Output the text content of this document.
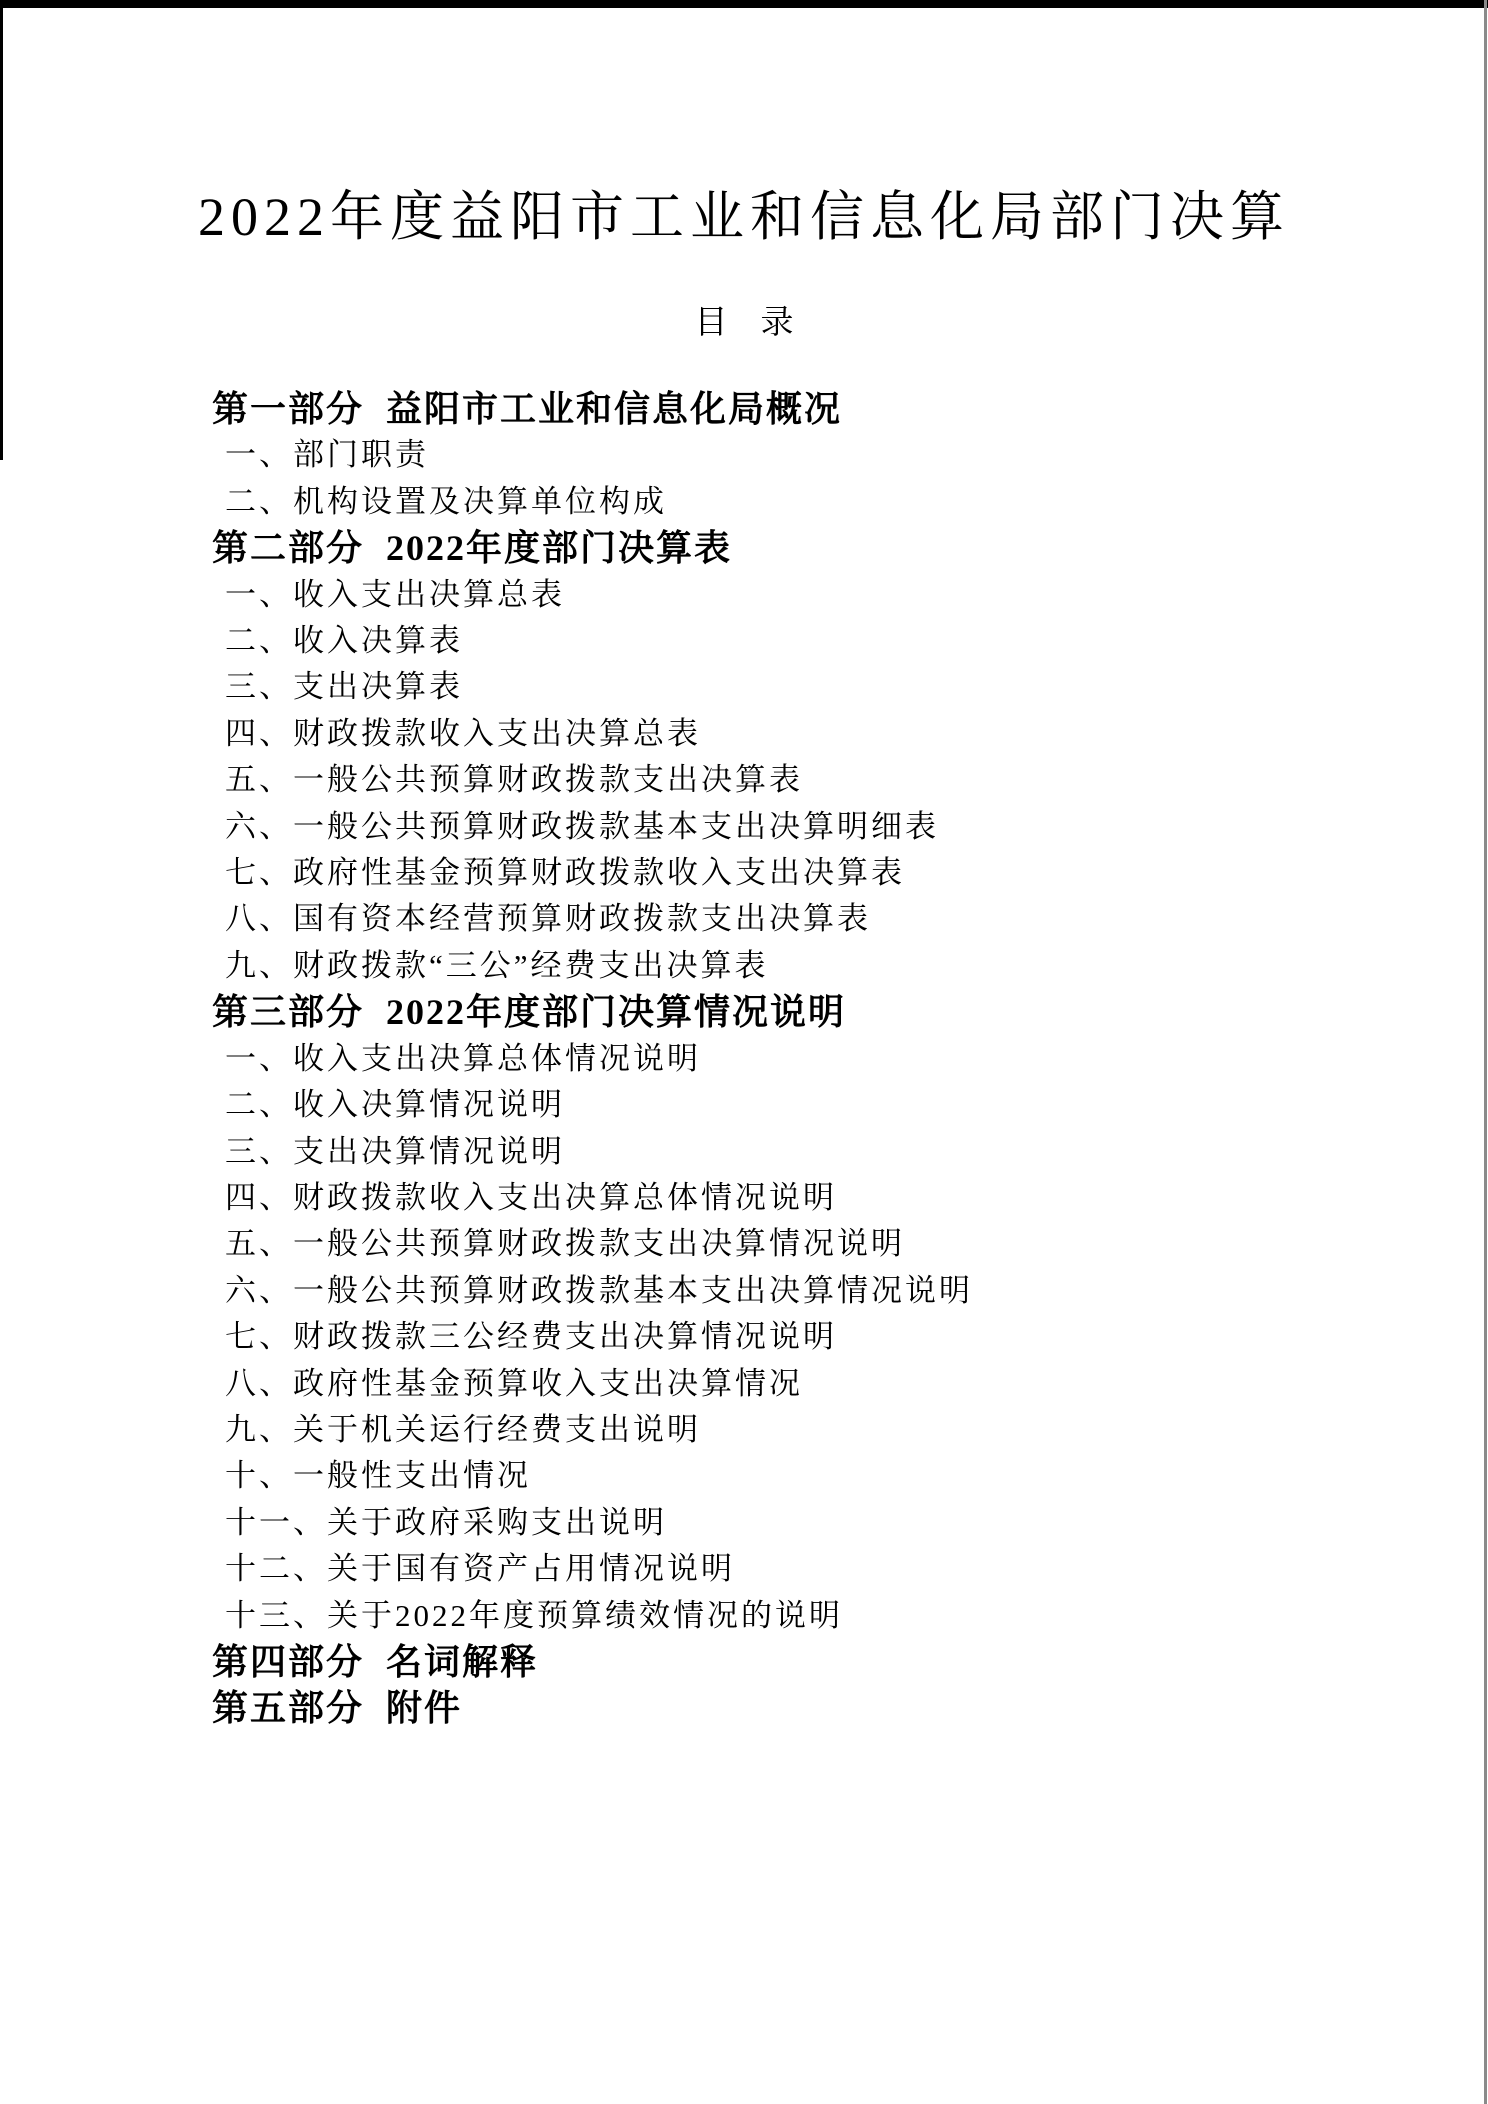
2022年度益阳市工业和信息化局部门决算
目　录
第一部分  益阳市工业和信息化局概况
一、部门职责
二、机构设置及决算单位构成
第二部分  2022年度部门决算表
一、收入支出决算总表
二、收入决算表
三、支出决算表
四、财政拨款收入支出决算总表
五、一般公共预算财政拨款支出决算表
六、一般公共预算财政拨款基本支出决算明细表
七、政府性基金预算财政拨款收入支出决算表
八、国有资本经营预算财政拨款支出决算表
九、财政拨款“三公”经费支出决算表
第三部分  2022年度部门决算情况说明
一、收入支出决算总体情况说明
二、收入决算情况说明
三、支出决算情况说明
四、财政拨款收入支出决算总体情况说明
五、一般公共预算财政拨款支出决算情况说明
六、一般公共预算财政拨款基本支出决算情况说明
七、财政拨款三公经费支出决算情况说明
八、政府性基金预算收入支出决算情况
九、关于机关运行经费支出说明
十、一般性支出情况
十一、关于政府采购支出说明
十二、关于国有资产占用情况说明
十三、关于2022年度预算绩效情况的说明
第四部分  名词解释
第五部分  附件
